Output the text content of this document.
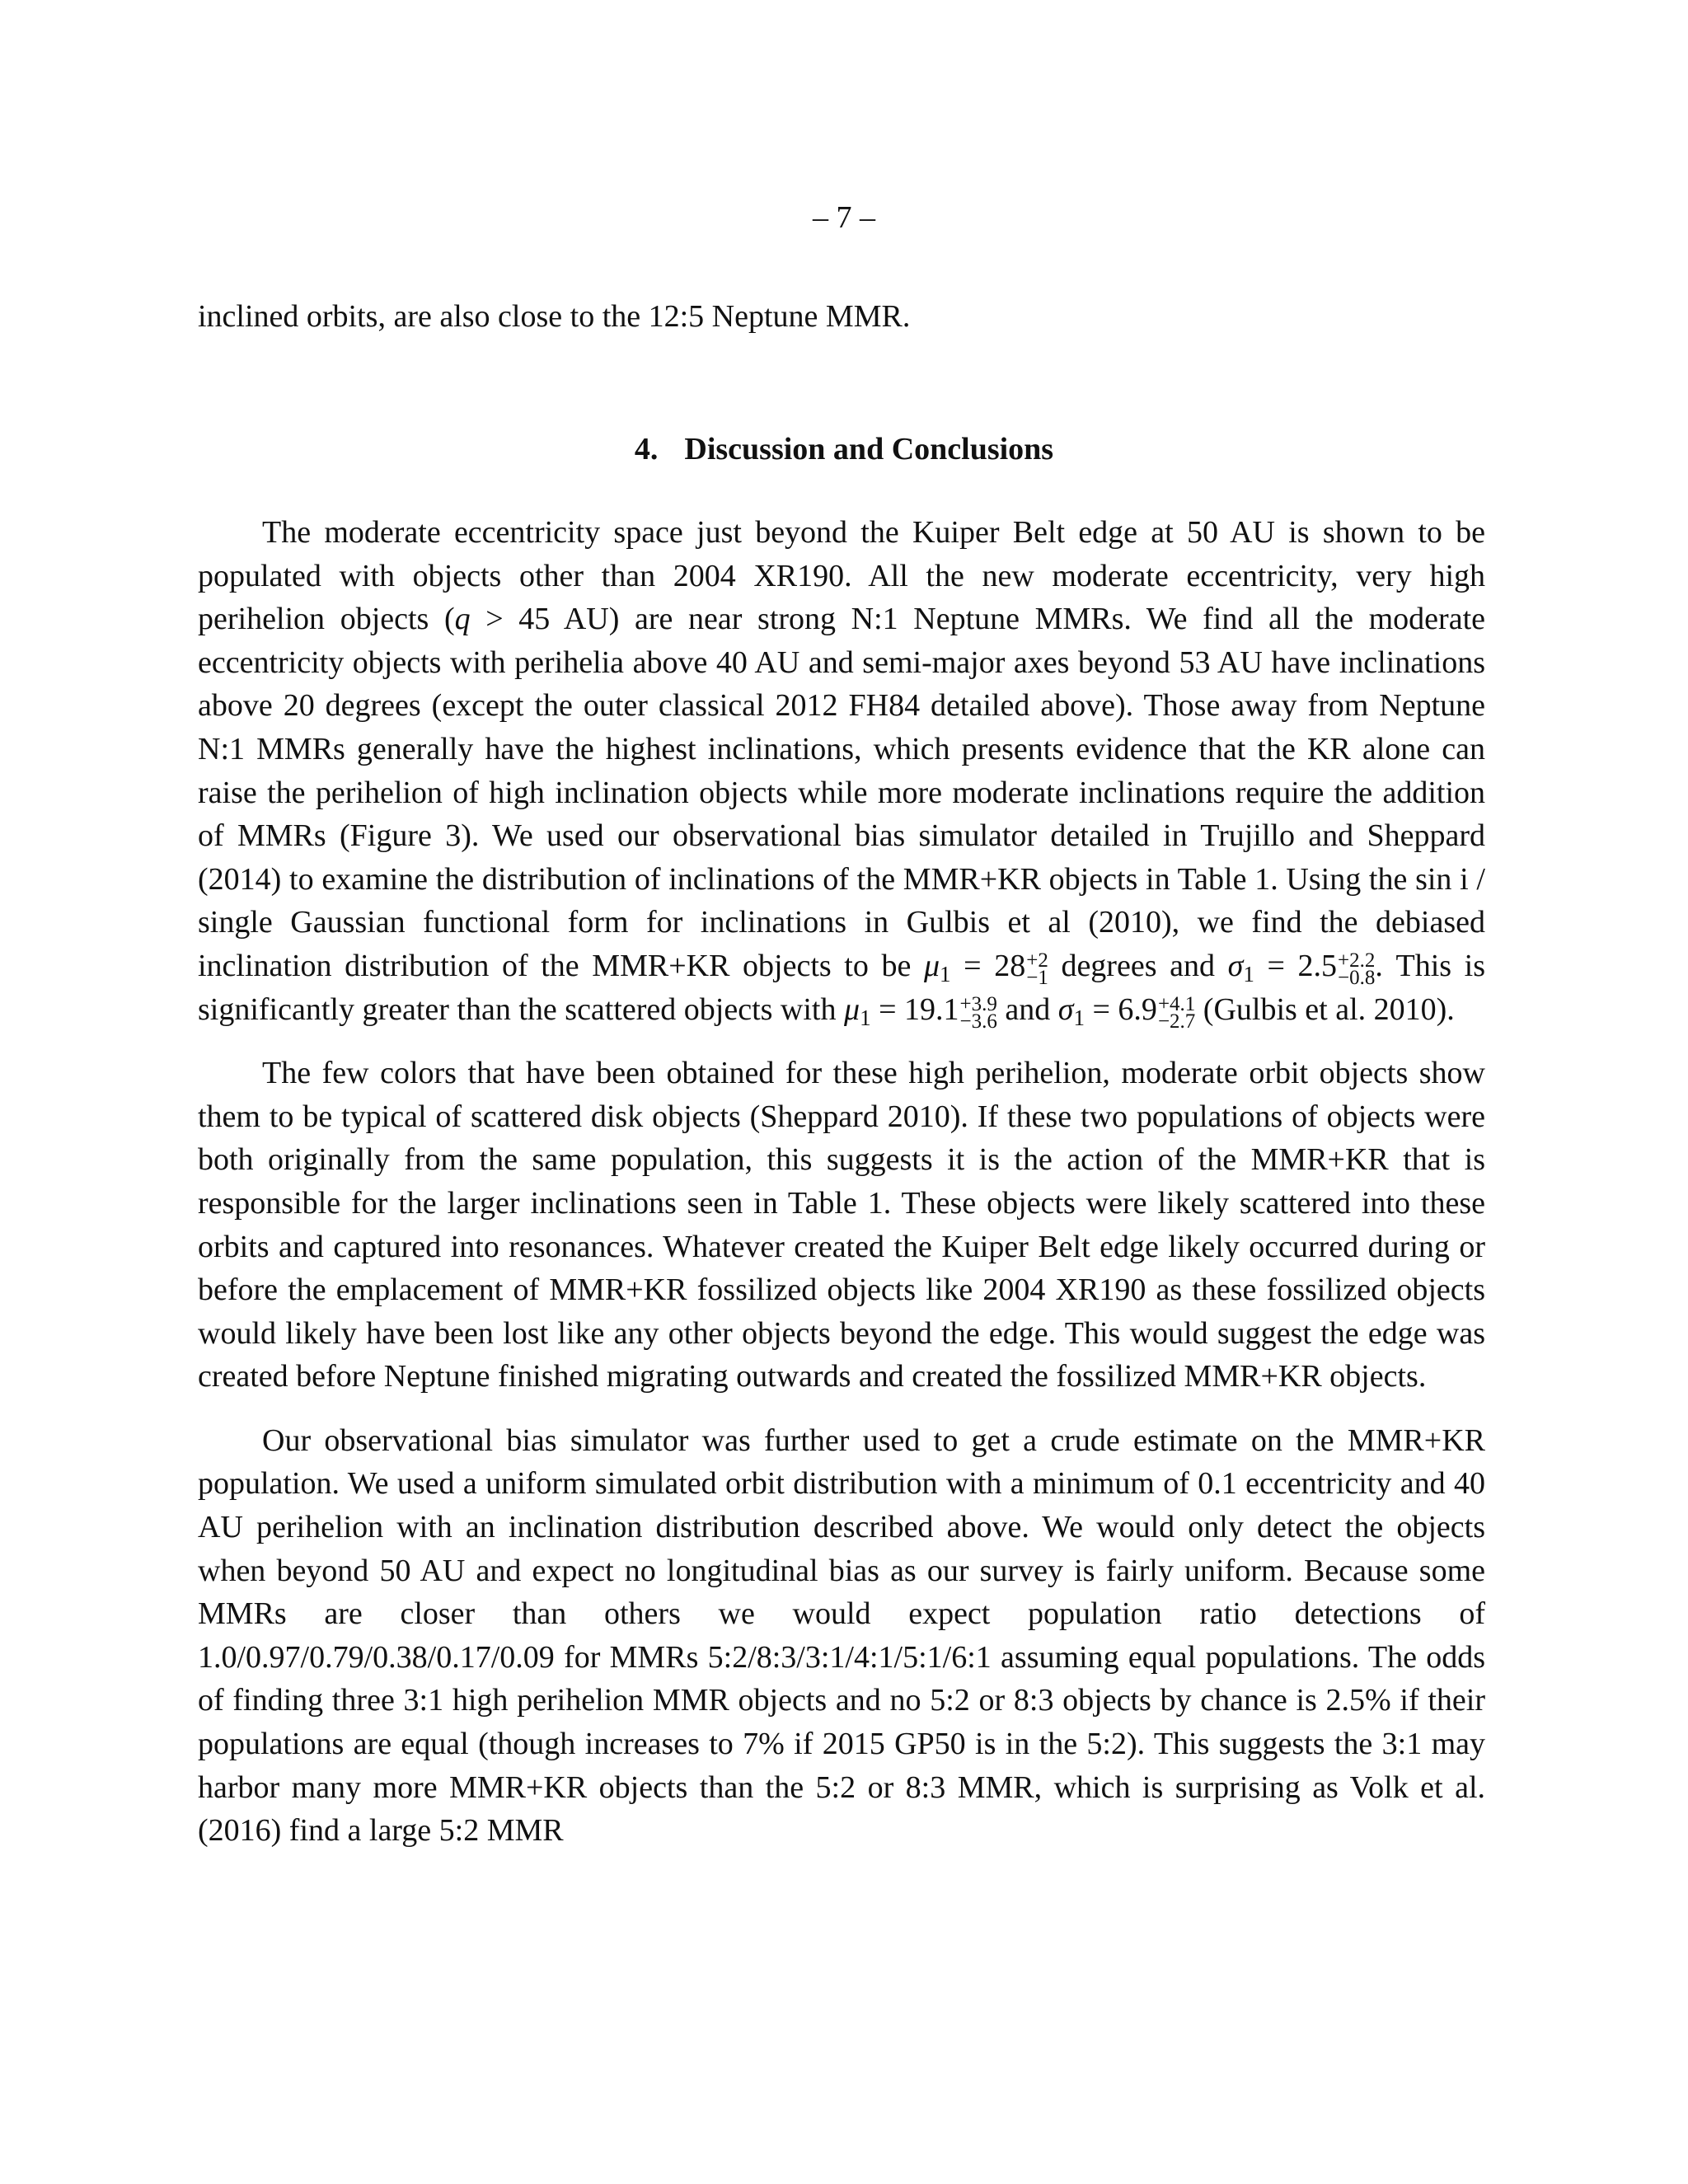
– 7 –
inclined orbits, are also close to the 12:5 Neptune MMR.
4. Discussion and Conclusions

The moderate eccentricity space just beyond the Kuiper Belt edge at 50 AU is shown to be populated with objects other than 2004 XR190. All the new moderate eccentricity, very high perihelion objects (q > 45 AU) are near strong N:1 Neptune MMRs. We find all the moderate eccentricity objects with perihelia above 40 AU and semi-major axes beyond 53 AU have inclinations above 20 degrees (except the outer classical 2012 FH84 detailed above). Those away from Neptune N:1 MMRs generally have the highest inclinations, which presents evidence that the KR alone can raise the perihelion of high inclination objects while more moderate inclinations require the addition of MMRs (Figure 3). We used our observational bias simulator detailed in Trujillo and Sheppard (2014) to examine the distribution of inclinations of the MMR+KR objects in Table 1. Using the sin i / single Gaussian functional form for inclinations in Gulbis et al (2010), we find the debiased inclination distribution of the MMR+KR objects to be $\mu_1 = 28 +2$
−1 degrees and $\sigma_1 = 2.5 +2.2$
−0.8 . This is significantly greater than the scattered objects with $\mu_1 = 19.1 +3.9$
−3.6 and $\sigma_1 = 6.9 +4.1$
−2.7 (Gulbis et al. 2010).

The few colors that have been obtained for these high perihelion, moderate orbit objects show them to be typical of scattered disk objects (Sheppard 2010). If these two populations of objects were both originally from the same population, this suggests it is the action of the MMR+KR that is responsible for the larger inclinations seen in Table 1. These objects were likely scattered into these orbits and captured into resonances. Whatever created the Kuiper Belt edge likely occurred during or before the emplacement of MMR+KR fossilized objects like 2004 XR190 as these fossilized objects would likely have been lost like any other objects beyond the edge. This would suggest the edge was created before Neptune finished migrating outwards and created the fossilized MMR+KR objects.

Our observational bias simulator was further used to get a crude estimate on the MMR+KR population. We used a uniform simulated orbit distribution with a minimum of 0.1 eccentricity and 40 AU perihelion with an inclination distribution described above. We would only detect the objects when beyond 50 AU and expect no longitudinal bias as our survey is fairly uniform. Because some MMRs are closer than others we would expect population ratio detections of 1.0/0.97/0.79/0.38/0.17/0.09 for MMRs 5:2/8:3/3:1/4:1/5:1/6:1 assuming equal populations. The odds of finding three 3:1 high perihelion MMR objects and no 5:2 or 8:3 objects by chance is 2.5% if their populations are equal (though increases to 7% if 2015 GP50 is in the 5:2). This suggests the 3:1 may harbor many more MMR+KR objects than the 5:2 or 8:3 MMR, which is surprising as Volk et al. (2016) find a large 5:2 MMR
